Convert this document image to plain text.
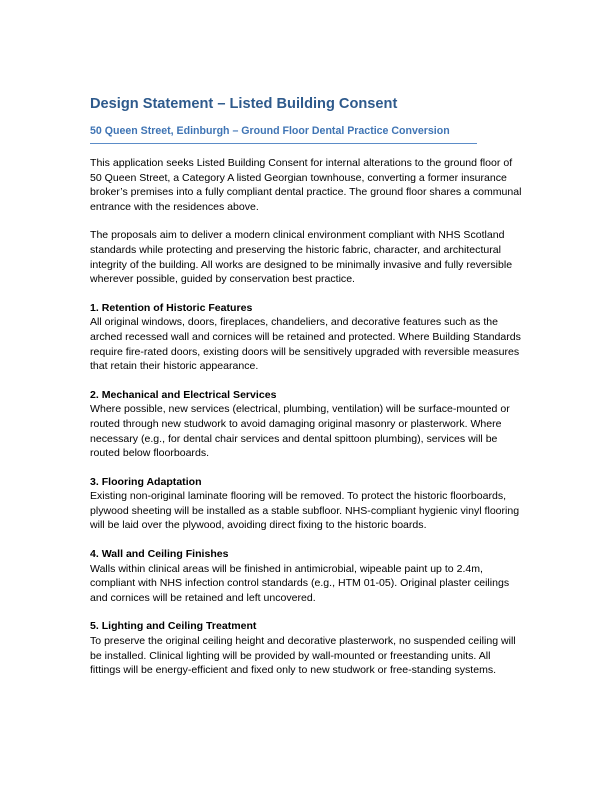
Design Statement – Listed Building Consent
50 Queen Street, Edinburgh – Ground Floor Dental Practice Conversion

This application seeks Listed Building Consent for internal alterations to the ground floor of 50 Queen Street, a Category A listed Georgian townhouse, converting a former insurance broker’s premises into a fully compliant dental practice. The ground floor shares a communal entrance with the residences above.

The proposals aim to deliver a modern clinical environment compliant with NHS Scotland standards while protecting and preserving the historic fabric, character, and architectural integrity of the building. All works are designed to be minimally invasive and fully reversible wherever possible, guided by conservation best practice.

1. Retention of Historic Features

All original windows, doors, fireplaces, chandeliers, and decorative features such as the arched recessed wall and cornices will be retained and protected. Where Building Standards require fire-rated doors, existing doors will be sensitively upgraded with reversible measures that retain their historic appearance.

2. Mechanical and Electrical Services

Where possible, new services (electrical, plumbing, ventilation) will be surface-mounted or routed through new studwork to avoid damaging original masonry or plasterwork. Where necessary (e.g., for dental chair services and dental spittoon plumbing), services will be routed below floorboards.

3. Flooring Adaptation

Existing non-original laminate flooring will be removed. To protect the historic floorboards, plywood sheeting will be installed as a stable subfloor. NHS-compliant hygienic vinyl flooring will be laid over the plywood, avoiding direct fixing to the historic boards.

4. Wall and Ceiling Finishes

Walls within clinical areas will be finished in antimicrobial, wipeable paint up to 2.4m, compliant with NHS infection control standards (e.g., HTM 01-05). Original plaster ceilings and cornices will be retained and left uncovered.

5. Lighting and Ceiling Treatment

To preserve the original ceiling height and decorative plasterwork, no suspended ceiling will be installed. Clinical lighting will be provided by wall-mounted or freestanding units. All fittings will be energy-efficient and fixed only to new studwork or free-standing systems.
